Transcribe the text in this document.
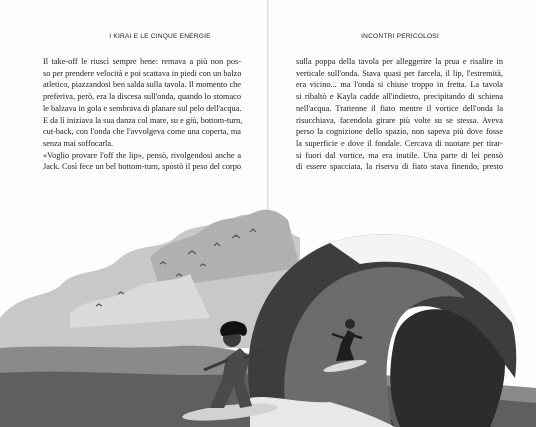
I KIRAI E LE CINQUE ENERGIE	INCONTRI PERICOLOSI

Il take-off le riuscì sempre bene: remava a più non pos-
so per prendere velocità e poi scattava in piedi con un balzo
atletico, piazzandosi ben salda sulla tavola. Il momento che
preferiva, però, era la discesa sull'onda, quando lo stomaco
le balzava in gola e sembrava di planare sul pelo dell'acqua.
E da lì iniziava la sua danza col mare, su e giù, bottom-turn,
cut-back, con l'onda che l'avvolgeva come una coperta, ma
senza mai soffocarla.

«Voglio provare l'off the lip», pensò, rivolgendosi anche a
Jack. Così fece un bel bottom-turn, spostò il peso del corpo

sulla poppa della tavola per alleggerire la prua e risalire in
verticale sull'onda. Stava quasi per farcela, il lip, l'estremità,
era vicino... ma l'onda si chiuse troppo in fretta. La tavola
si ribaltò e Kayla cadde all'indietro, precipitando di schiena
nell'acqua. Trattenne il fiato mentre il vortice dell'onda la
risucchiava, facendola girare più volte su se stessa. Aveva
perso la cognizione dello spazio, non sapeva più dove fosse
la superficie e dove il fondale. Cercava di nuotare per tirar-
si fuori dal vortice, ma era inutile. Una parte di lei pensò
di essere spacciata, la riserva di fiato stava finendo, presto
